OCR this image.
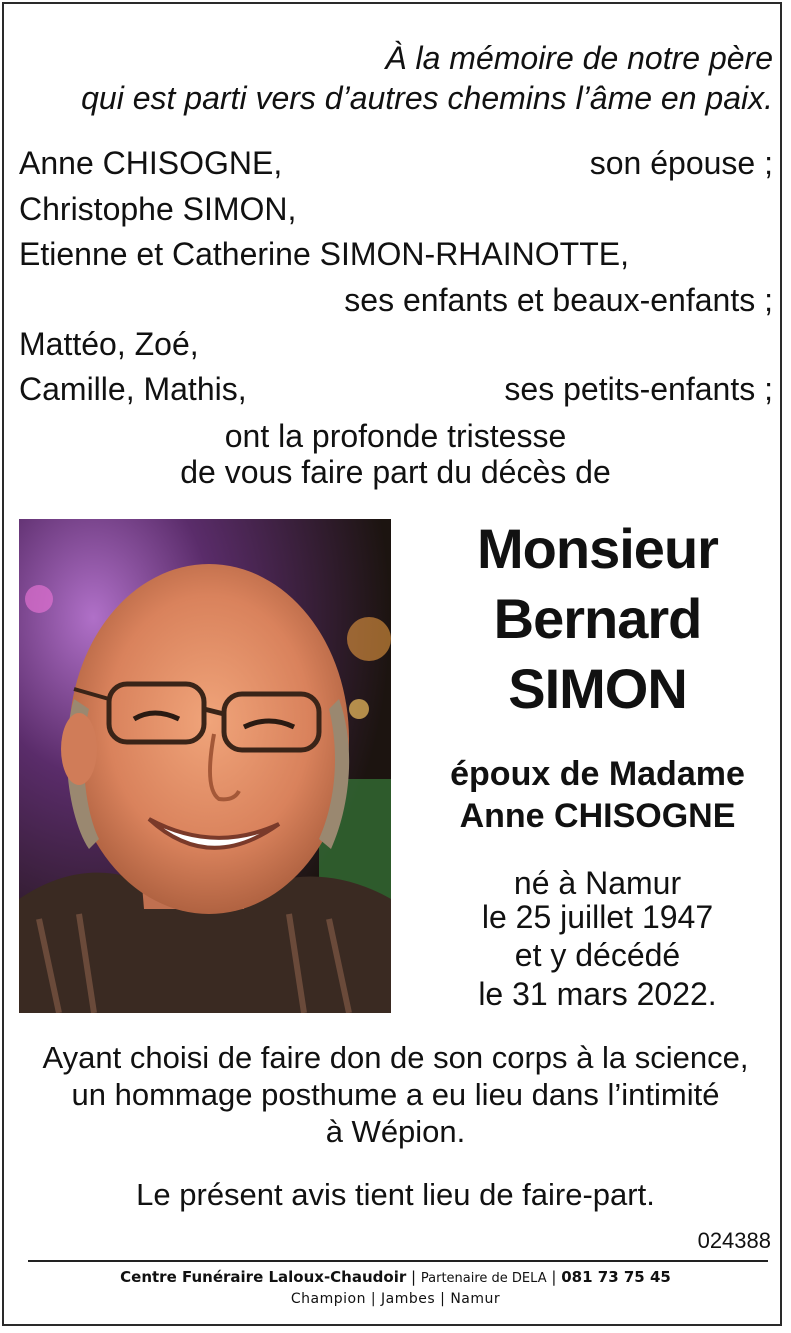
À la mémoire de notre père
qui est parti vers d’autres chemins l’âme en paix.
Anne CHISOGNE,	son épouse ;
Christophe SIMON,
Etienne et Catherine SIMON-RHAINOTTE,
ses enfants et beaux-enfants ;
Mattéo, Zoé,
Camille, Mathis,	ses petits-enfants ;
ont la profonde tristesse
de vous faire part du décès de
Monsieur
Bernard
SIMON
époux de Madame
Anne CHISOGNE
né à Namur
le 25 juillet 1947
et y décédé
le 31 mars 2022.
Ayant choisi de faire don de son corps à la science,
un hommage posthume a eu lieu dans l’intimité
à Wépion.
Le présent avis tient lieu de faire-part.
024388
Centre Funéraire Laloux-Chaudoir | Partenaire de DELA | 081 73 75 45
Champion | Jambes | Namur
